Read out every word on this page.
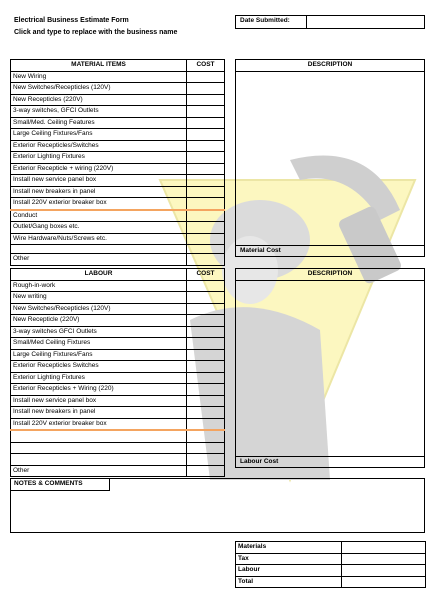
Electrical Business Estimate Form
Click and type to replace with the business name
Date Submitted:
MATERIAL ITEMS	COST
New Wiring	
New Switches/Recepticles (120V)	
New Recepticles (220V)	
3-way switches, GFCI Outlets	
Small/Med. Ceiling Features	
Large Ceiling Fixtures/Fans	
Exterior Recepticles/Switches	
Exterior Lighting Fixtures	
Exterior Recepticle + wiring (220V)	
Install new service panel box	
Install new breakers in panel	
Install 220V exterior breaker box	
Conduct	
Outlet/Gang boxes etc.	
Wire Hardware/Nuts/Screws etc.	

Other	
DESCRIPTION
Material Cost
LABOUR	COST
Rough-in-work	
New writing	
New Switches/Recepticles (120V)	
New Recepticle (220V)	
3-way switches GFCI Outlets	
Small/Med Ceiling Fixtures	
Large Ceiling Fixtures/Fans	
Exterior Recepticles Switches	
Exterior Lighting Fixtures	
Exterior Recepticles + Wiring (220)	
Install new service panel box	
Install new breakers in panel	
Install 220V exterior breaker box	

Other	
DESCRIPTION
Labour Cost
NOTES & COMMENTS
Materials	
Tax	
Labour	
Total	
